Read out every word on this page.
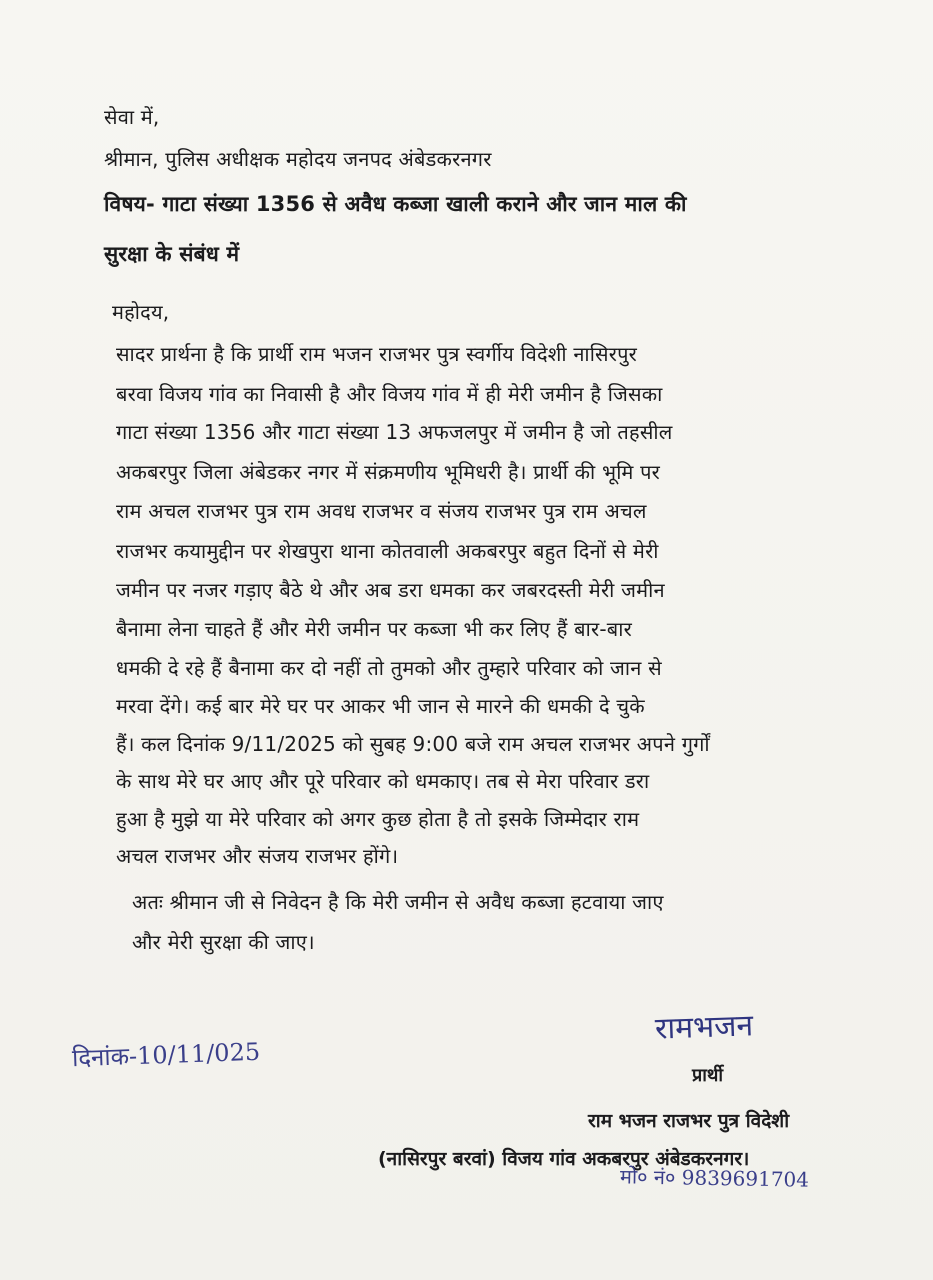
सेवा में,

श्रीमान, पुलिस अधीक्षक महोदय जनपद अंबेडकरनगर

विषय- गाटा संख्या 1356 से अवैध कब्जा खाली कराने और जान माल की

सुरक्षा के संबंध में

महोदय,

सादर प्रार्थना है कि प्रार्थी राम भजन राजभर पुत्र स्वर्गीय विदेशी नासिरपुर

बरवा विजय गांव का निवासी है और विजय गांव में ही मेरी जमीन है जिसका

गाटा संख्या 1356 और गाटा संख्या 13 अफजलपुर में जमीन है जो तहसील

अकबरपुर जिला अंबेडकर नगर में संक्रमणीय भूमिधरी है। प्रार्थी की भूमि पर

राम अचल राजभर पुत्र राम अवध राजभर व संजय राजभर पुत्र राम अचल

राजभर कयामुद्दीन पर शेखपुरा थाना कोतवाली अकबरपुर बहुत दिनों से मेरी

जमीन पर नजर गड़ाए बैठे थे और अब डरा धमका कर जबरदस्ती मेरी जमीन

बैनामा लेना चाहते हैं और मेरी जमीन पर कब्जा भी कर लिए हैं बार-बार

धमकी दे रहे हैं बैनामा कर दो नहीं तो तुमको और तुम्हारे परिवार को जान से

मरवा देंगे। कई बार मेरे घर पर आकर भी जान से मारने की धमकी दे चुके

हैं। कल दिनांक 9/11/2025 को सुबह 9:00 बजे राम अचल राजभर अपने गुर्गों

के साथ मेरे घर आए और पूरे परिवार को धमकाए। तब से मेरा परिवार डरा

हुआ है मुझे या मेरे परिवार को अगर कुछ होता है तो इसके जिम्मेदार राम

अचल राजभर और संजय राजभर होंगे।

अतः श्रीमान जी से निवेदन है कि मेरी जमीन से अवैध कब्जा हटवाया जाए

और मेरी सुरक्षा की जाए।

दिनांक-10/11/025

रामभजन

प्रार्थी

राम भजन राजभर पुत्र विदेशी

(नासिरपुर बरवां) विजय गांव अकबरपुर अंबेडकरनगर।

मो० नं० 9839691704
